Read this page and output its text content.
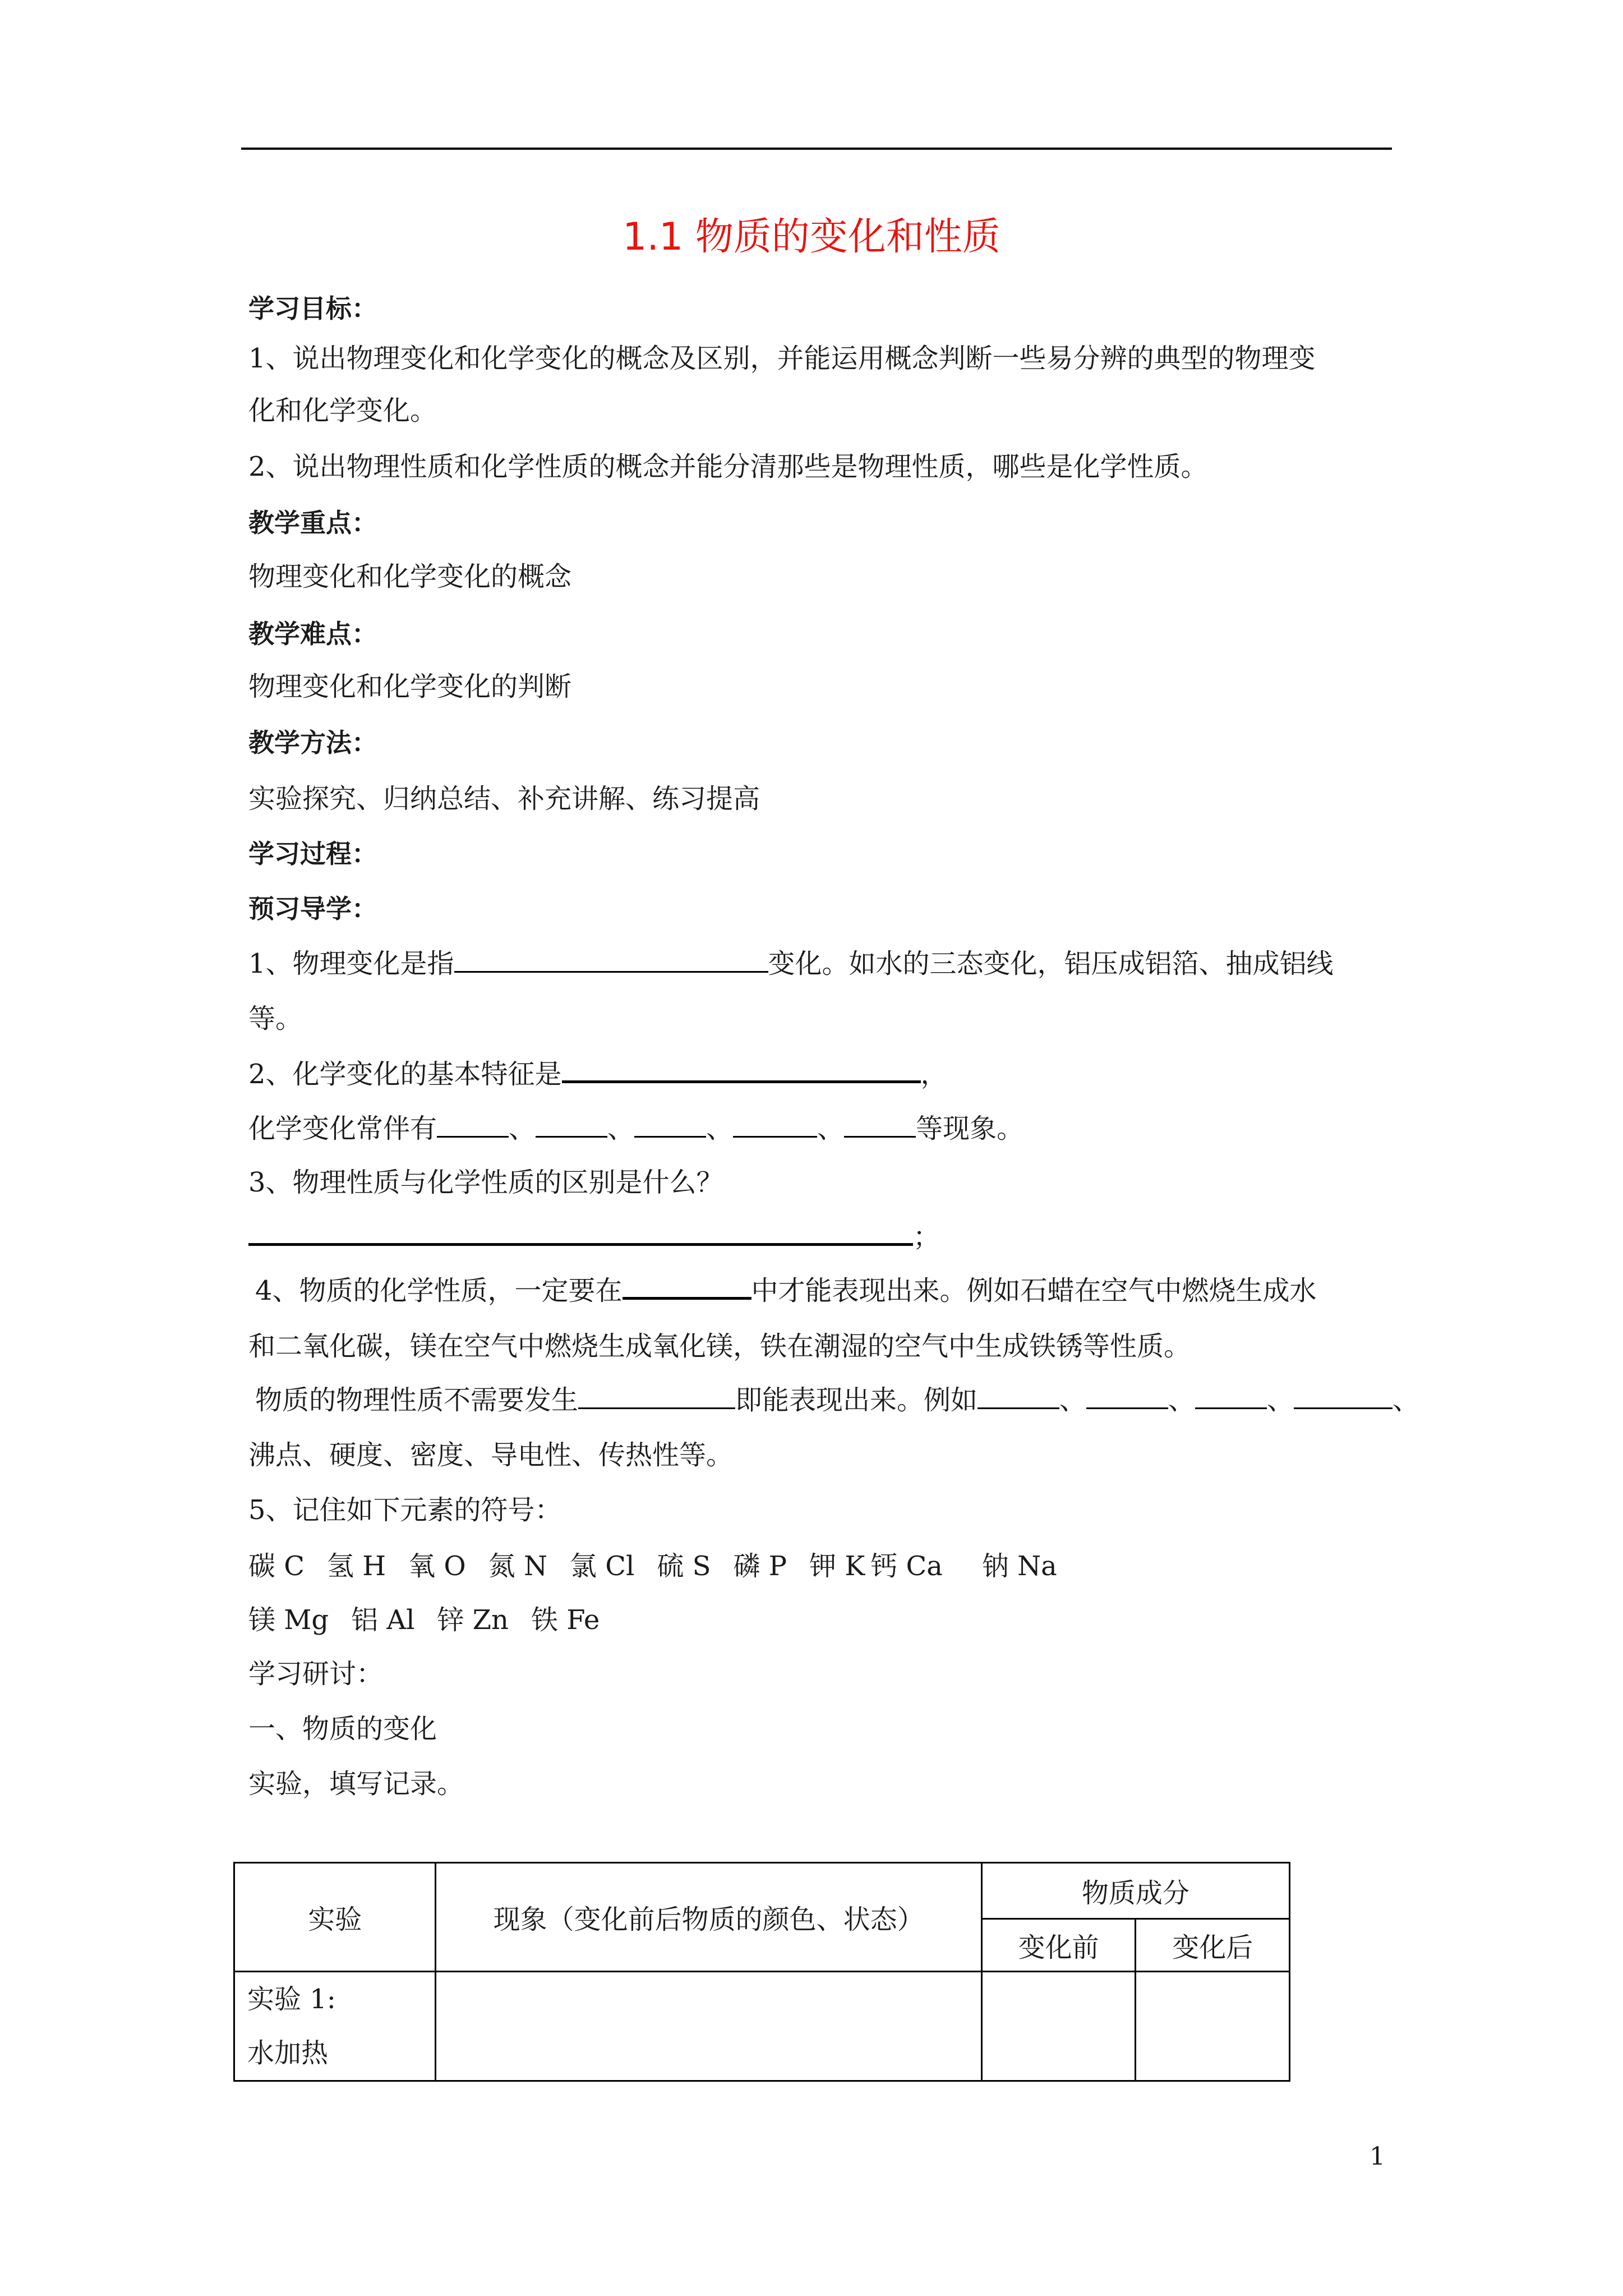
1.1 物质的变化和性质
学习目标：
1、说出物理变化和化学变化的概念及区别，并能运用概念判断一些易分辨的典型的物理变
化和化学变化。
2、说出物理性质和化学性质的概念并能分清那些是物理性质，哪些是化学性质。
教学重点：
物理变化和化学变化的概念
教学难点：
物理变化和化学变化的判断
教学方法：
实验探究、归纳总结、补充讲解、练习提高
学习过程：
预习导学：
1、物理变化是指	变化。如水的三态变化，铝压成铝箔、抽成铝线
等。
2、化学变化的基本特征是	，
化学变化常伴有	、	、	、	、	等现象。
3、物理性质与化学性质的区别是什么？
；
4、物质的化学性质，一定要在	中才能表现出来。例如石蜡在空气中燃烧生成水
和二氧化碳，镁在空气中燃烧生成氧化镁，铁在潮湿的空气中生成铁锈等性质。
物质的物理性质不需要发生	即能表现出来。例如	、	、	、	、
沸点、硬度、密度、导电性、传热性等。
5、记住如下元素的符号：
碳 C 氢 H 氧 O 氮 N 氯 Cl 硫 S 磷 P 钾 K 钙 Ca 钠 Na
镁 Mg 铝 Al 锌 Zn 铁 Fe
学习研讨：
一、物质的变化
实验，填写记录。
实验	现象（变化前后物质的颜色、状态）	物质成分	
		变化前	变化后

实验 1:
水加热			

1
